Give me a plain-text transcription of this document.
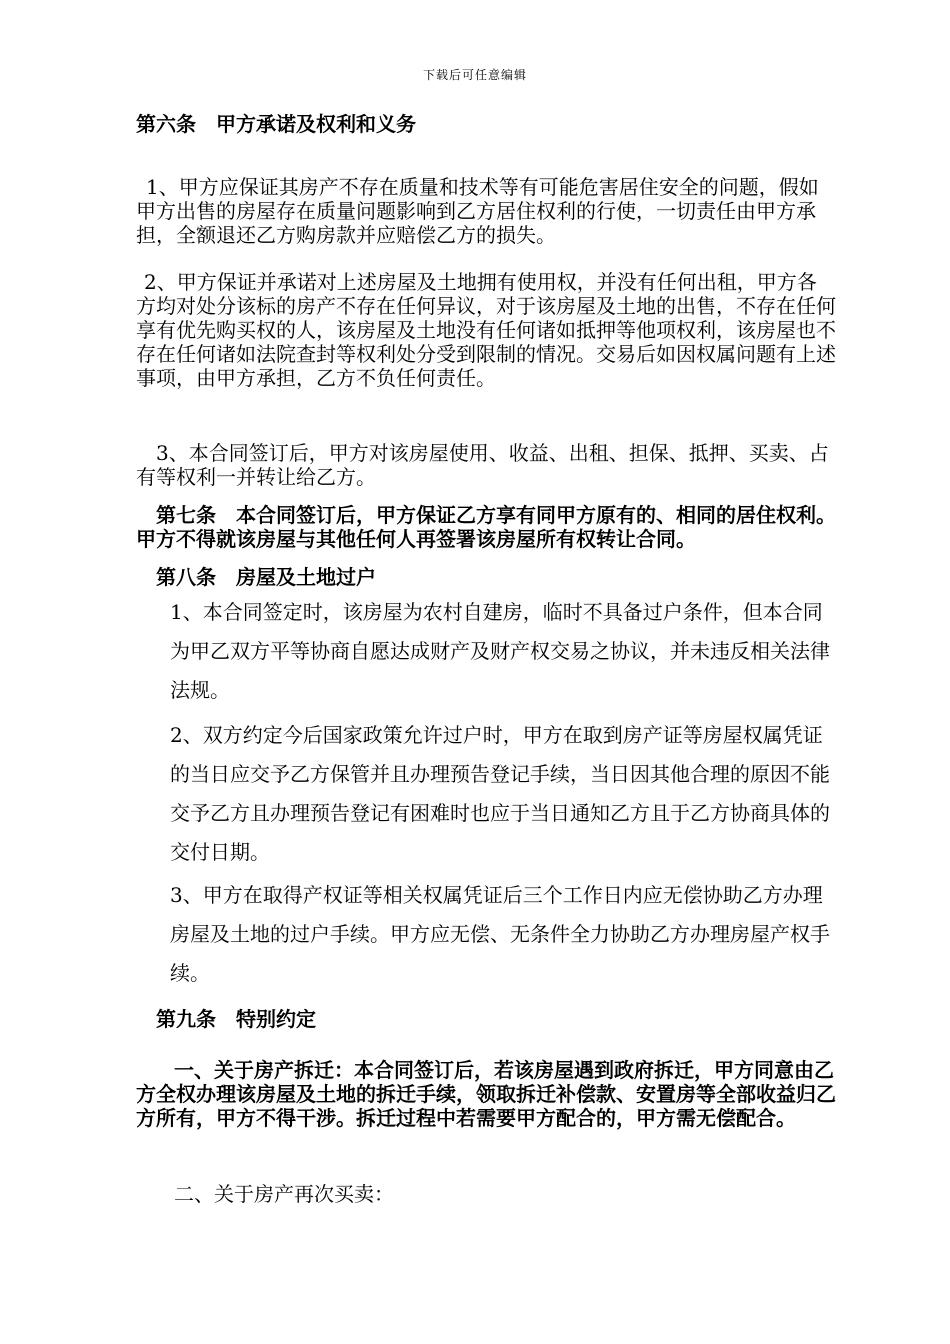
下载后可任意编辑

第六条　甲方承诺及权利和义务

1、甲方应保证其房产不存在质量和技术等有可能危害居住安全的问题，假如甲方出售的房屋存在质量问题影响到乙方居住权利的行使，一切责任由甲方承担，全额退还乙方购房款并应赔偿乙方的损失。

2、甲方保证并承诺对上述房屋及土地拥有使用权，并没有任何出租，甲方各方均对处分该标的房产不存在任何异议，对于该房屋及土地的出售，不存在任何享有优先购买权的人，该房屋及土地没有任何诸如抵押等他项权利，该房屋也不存在任何诸如法院查封等权利处分受到限制的情况。交易后如因权属问题有上述事项，由甲方承担，乙方不负任何责任。

3、本合同签订后，甲方对该房屋使用、收益、出租、担保、抵押、买卖、占有等权利一并转让给乙方。

第七条　本合同签订后，甲方保证乙方享有同甲方原有的、相同的居住权利。甲方不得就该房屋与其他任何人再签署该房屋所有权转让合同。

第八条　房屋及土地过户

1、本合同签定时，该房屋为农村自建房，临时不具备过户条件，但本合同为甲乙双方平等协商自愿达成财产及财产权交易之协议，并未违反相关法律法规。

2、双方约定今后国家政策允许过户时，甲方在取到房产证等房屋权属凭证的当日应交予乙方保管并且办理预告登记手续，当日因其他合理的原因不能交予乙方且办理预告登记有困难时也应于当日通知乙方且于乙方协商具体的交付日期。

3、甲方在取得产权证等相关权属凭证后三个工作日内应无偿协助乙方办理房屋及土地的过户手续。甲方应无偿、无条件全力协助乙方办理房屋产权手续。

第九条　特别约定

一、关于房产拆迁：本合同签订后，若该房屋遇到政府拆迁，甲方同意由乙方全权办理该房屋及土地的拆迁手续，领取拆迁补偿款、安置房等全部收益归乙方所有，甲方不得干涉。拆迁过程中若需要甲方配合的，甲方需无偿配合。

二、关于房产再次买卖：
